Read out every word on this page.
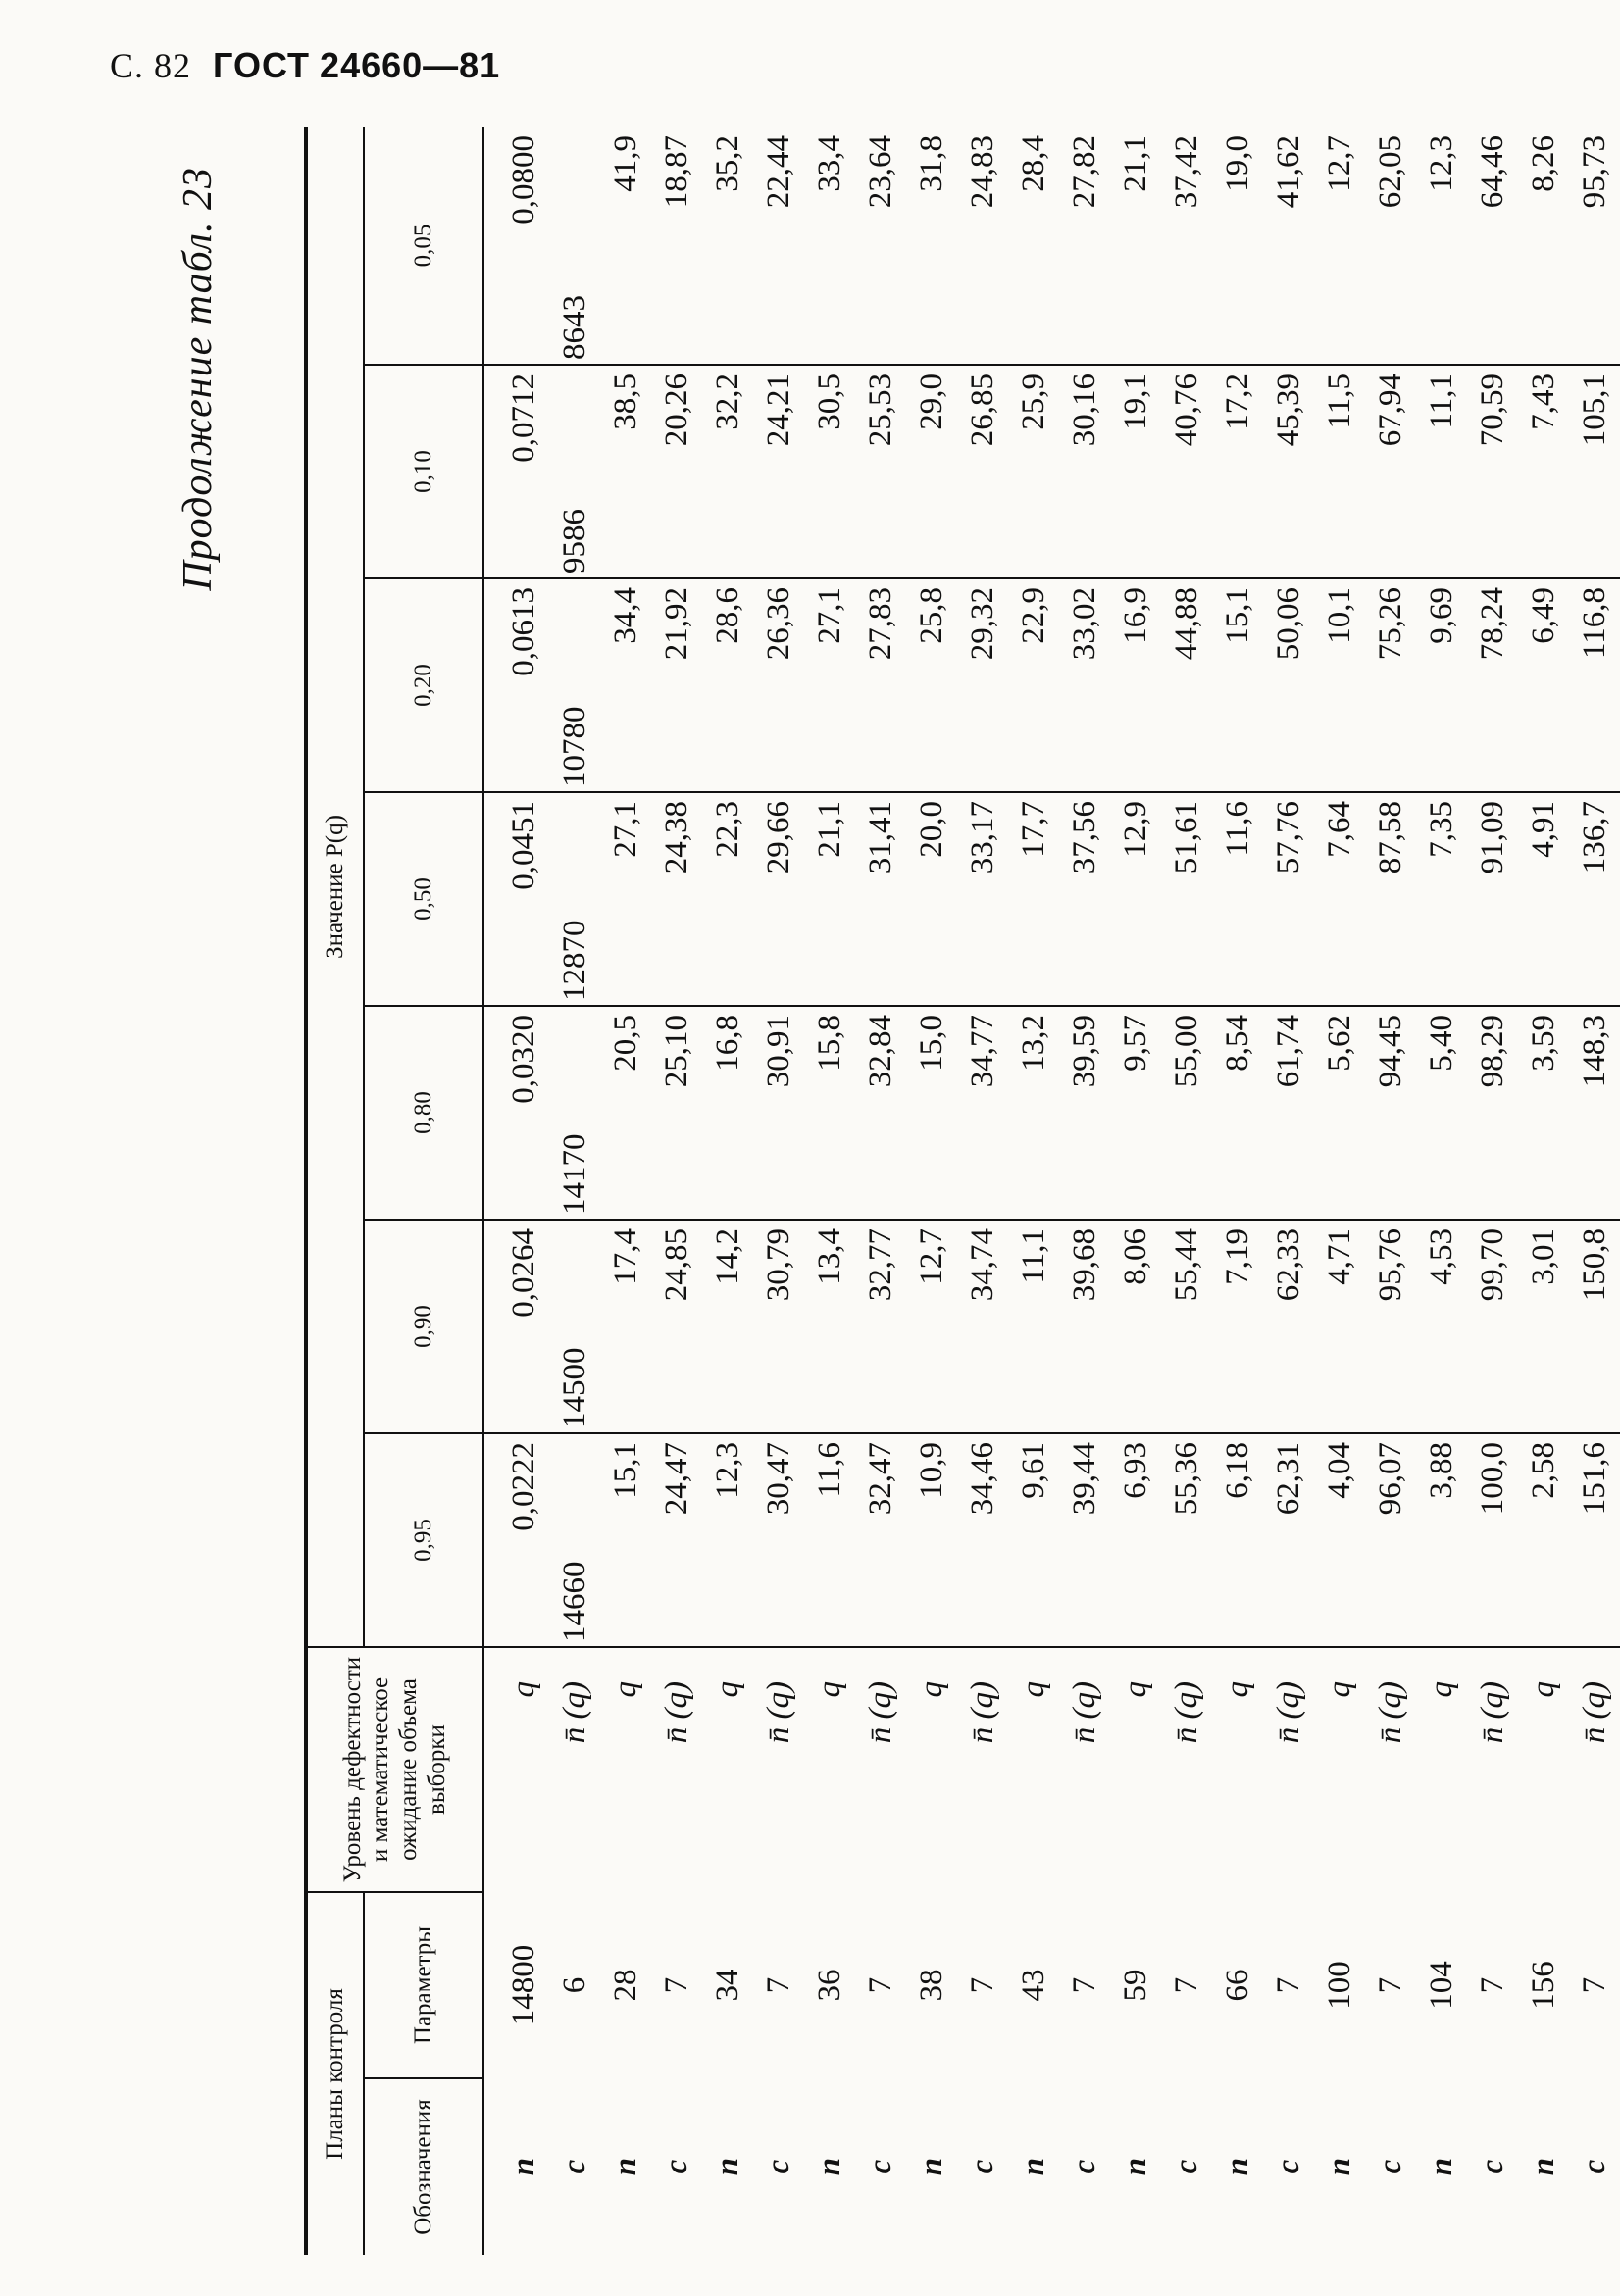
С. 82 ГОСТ 24660—81
Продолжение табл. 23
Планы контроля		Уровень дефектности и математическое ожидание объема выборки	Значение P(q)						
Обозначения	Параметры		0,95	0,90	0,80	0,50	0,20	0,10	0,05
n	14800	q	0,0222	0,0264	0,0320	0,0451	0,0613	0,0712	0,0800
c	6	n̄ (q)	14660	14500	14170	12870	10780	9586	8643
n	28	q	15,1	17,4	20,5	27,1	34,4	38,5	41,9
c	7	n̄ (q)	24,47	24,85	25,10	24,38	21,92	20,26	18,87
n	34	q	12,3	14,2	16,8	22,3	28,6	32,2	35,2
c	7	n̄ (q)	30,47	30,79	30,91	29,66	26,36	24,21	22,44
n	36	q	11,6	13,4	15,8	21,1	27,1	30,5	33,4
c	7	n̄ (q)	32,47	32,77	32,84	31,41	27,83	25,53	23,64
n	38	q	10,9	12,7	15,0	20,0	25,8	29,0	31,8
c	7	n̄ (q)	34,46	34,74	34,77	33,17	29,32	26,85	24,83
n	43	q	9,61	11,1	13,2	17,7	22,9	25,9	28,4
c	7	n̄ (q)	39,44	39,68	39,59	37,56	33,02	30,16	27,82
n	59	q	6,93	8,06	9,57	12,9	16,9	19,1	21,1
c	7	n̄ (q)	55,36	55,44	55,00	51,61	44,88	40,76	37,42
n	66	q	6,18	7,19	8,54	11,6	15,1	17,2	19,0
c	7	n̄ (q)	62,31	62,33	61,74	57,76	50,06	45,39	41,62
n	100	q	4,04	4,71	5,62	7,64	10,1	11,5	12,7
c	7	n̄ (q)	96,07	95,76	94,45	87,58	75,26	67,94	62,05
n	104	q	3,88	4,53	5,40	7,35	9,69	11,1	12,3
c	7	n̄ (q)	100,0	99,70	98,29	91,09	78,24	70,59	64,46
n	156	q	2,58	3,01	3,59	4,91	6,49	7,43	8,26
c	7	n̄ (q)	151,6	150,8	148,3	136,7	116,8	105,1	95,73
